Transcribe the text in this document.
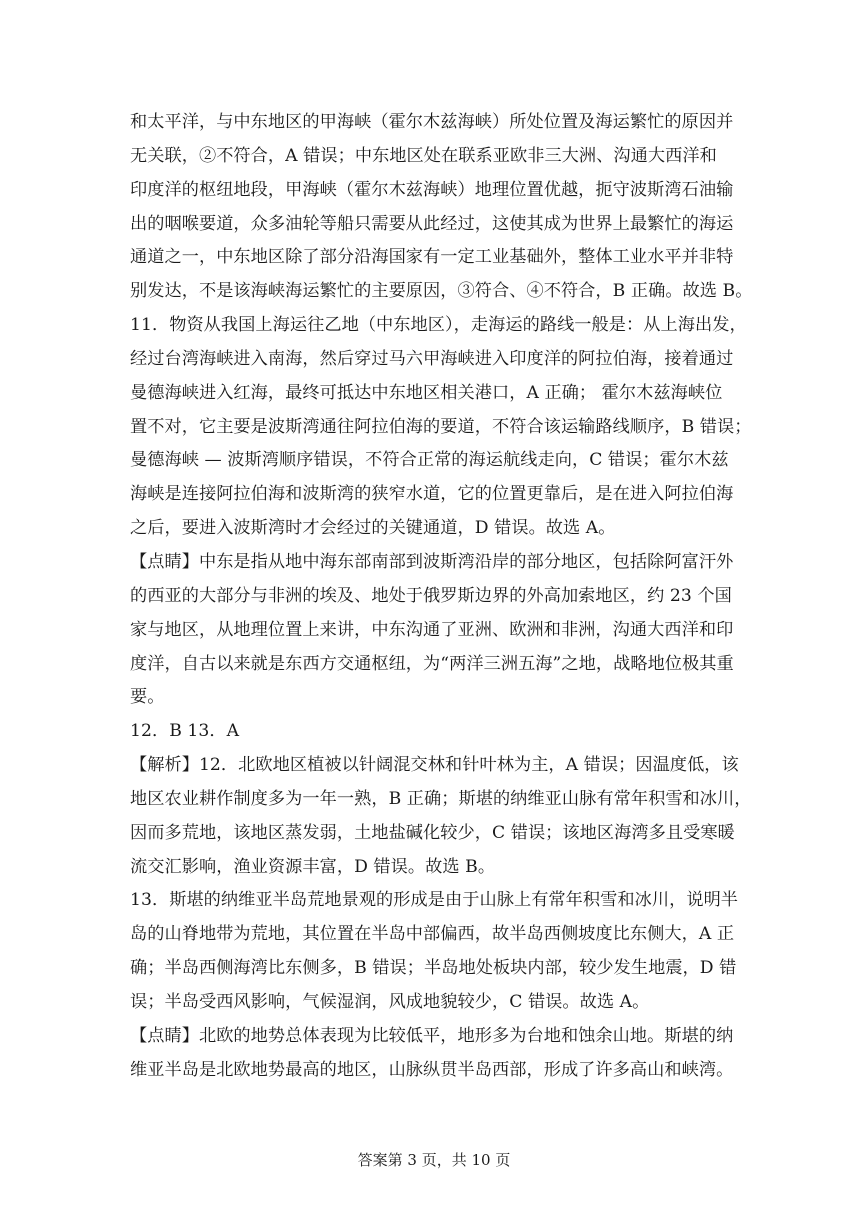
和太平洋，与中东地区的甲海峡（霍尔木兹海峡）所处位置及海运繁忙的原因并
无关联，②不符合，A 错误；中东地区处在联系亚欧非三大洲、沟通大西洋和
印度洋的枢纽地段，甲海峡（霍尔木兹海峡）地理位置优越，扼守波斯湾石油输
出的咽喉要道，众多油轮等船只需要从此经过，这使其成为世界上最繁忙的海运
通道之一，中东地区除了部分沿海国家有一定工业基础外，整体工业水平并非特
别发达，不是该海峡海运繁忙的主要原因，③符合、④不符合，B 正确。故选 B。
11．物资从我国上海运往乙地（中东地区），走海运的路线一般是：从上海出发，
经过台湾海峡进入南海，然后穿过马六甲海峡进入印度洋的阿拉伯海，接着通过
曼德海峡进入红海，最终可抵达中东地区相关港口，A 正确； 霍尔木兹海峡位
置不对，它主要是波斯湾通往阿拉伯海的要道，不符合该运输路线顺序，B 错误；
曼德海峡 — 波斯湾顺序错误，不符合正常的海运航线走向，C 错误；霍尔木兹
海峡是连接阿拉伯海和波斯湾的狭窄水道，它的位置更靠后，是在进入阿拉伯海
之后，要进入波斯湾时才会经过的关键通道，D 错误。故选 A。
【点睛】中东是指从地中海东部南部到波斯湾沿岸的部分地区，包括除阿富汗外
的西亚的大部分与非洲的埃及、地处于俄罗斯边界的外高加索地区，约 23 个国
家与地区，从地理位置上来讲，中东沟通了亚洲、欧洲和非洲，沟通大西洋和印
度洋，自古以来就是东西方交通枢纽，为“两洋三洲五海”之地，战略地位极其重
要。
12．B 13．A
【解析】12．北欧地区植被以针阔混交林和针叶林为主，A 错误；因温度低，该
地区农业耕作制度多为一年一熟，B 正确；斯堪的纳维亚山脉有常年积雪和冰川，
因而多荒地，该地区蒸发弱，土地盐碱化较少，C 错误；该地区海湾多且受寒暖
流交汇影响，渔业资源丰富，D 错误。故选 B。
13．斯堪的纳维亚半岛荒地景观的形成是由于山脉上有常年积雪和冰川，说明半
岛的山脊地带为荒地，其位置在半岛中部偏西，故半岛西侧坡度比东侧大，A 正
确；半岛西侧海湾比东侧多，B 错误；半岛地处板块内部，较少发生地震，D 错
误；半岛受西风影响，气候湿润，风成地貌较少，C 错误。故选 A。
【点睛】北欧的地势总体表现为比较低平，地形多为台地和蚀余山地。斯堪的纳
维亚半岛是北欧地势最高的地区，山脉纵贯半岛西部，形成了许多高山和峡湾。
答案第 3 页，共 10 页
